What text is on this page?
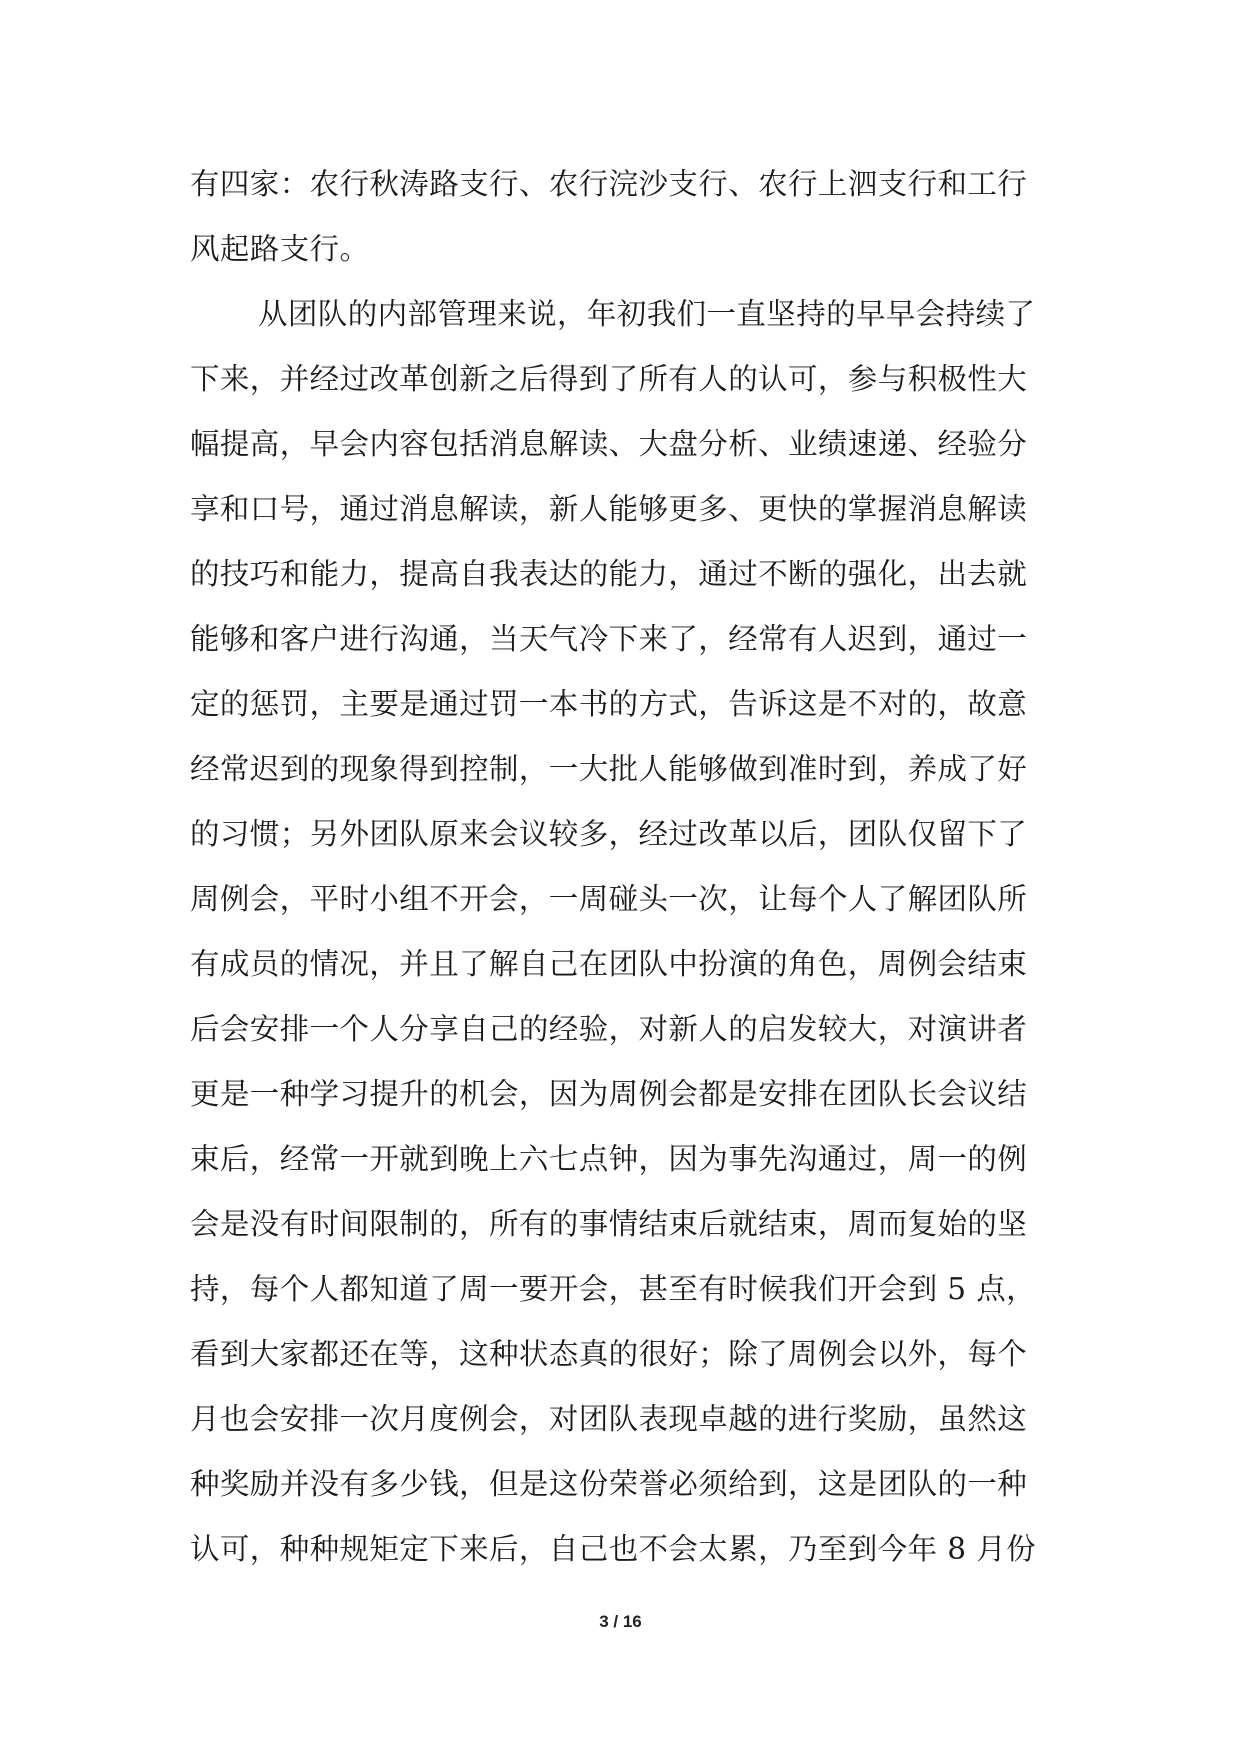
有四家：农行秋涛路支行、农行浣沙支行、农行上泗支行和工行
风起路支行。
从团队的内部管理来说，年初我们一直坚持的早早会持续了
下来，并经过改革创新之后得到了所有人的认可，参与积极性大
幅提高，早会内容包括消息解读、大盘分析、业绩速递、经验分
享和口号，通过消息解读，新人能够更多、更快的掌握消息解读
的技巧和能力，提高自我表达的能力，通过不断的强化，出去就
能够和客户进行沟通，当天气冷下来了，经常有人迟到，通过一
定的惩罚，主要是通过罚一本书的方式，告诉这是不对的，故意
经常迟到的现象得到控制，一大批人能够做到准时到，养成了好
的习惯；另外团队原来会议较多，经过改革以后，团队仅留下了
周例会，平时小组不开会，一周碰头一次，让每个人了解团队所
有成员的情况，并且了解自己在团队中扮演的角色，周例会结束
后会安排一个人分享自己的经验，对新人的启发较大，对演讲者
更是一种学习提升的机会，因为周例会都是安排在团队长会议结
束后，经常一开就到晚上六七点钟，因为事先沟通过，周一的例
会是没有时间限制的，所有的事情结束后就结束，周而复始的坚
持，每个人都知道了周一要开会，甚至有时候我们开会到 5 点，
看到大家都还在等，这种状态真的很好；除了周例会以外，每个
月也会安排一次月度例会，对团队表现卓越的进行奖励，虽然这
种奖励并没有多少钱，但是这份荣誉必须给到，这是团队的一种
认可，种种规矩定下来后，自己也不会太累，乃至到今年 8 月份
3 / 16
